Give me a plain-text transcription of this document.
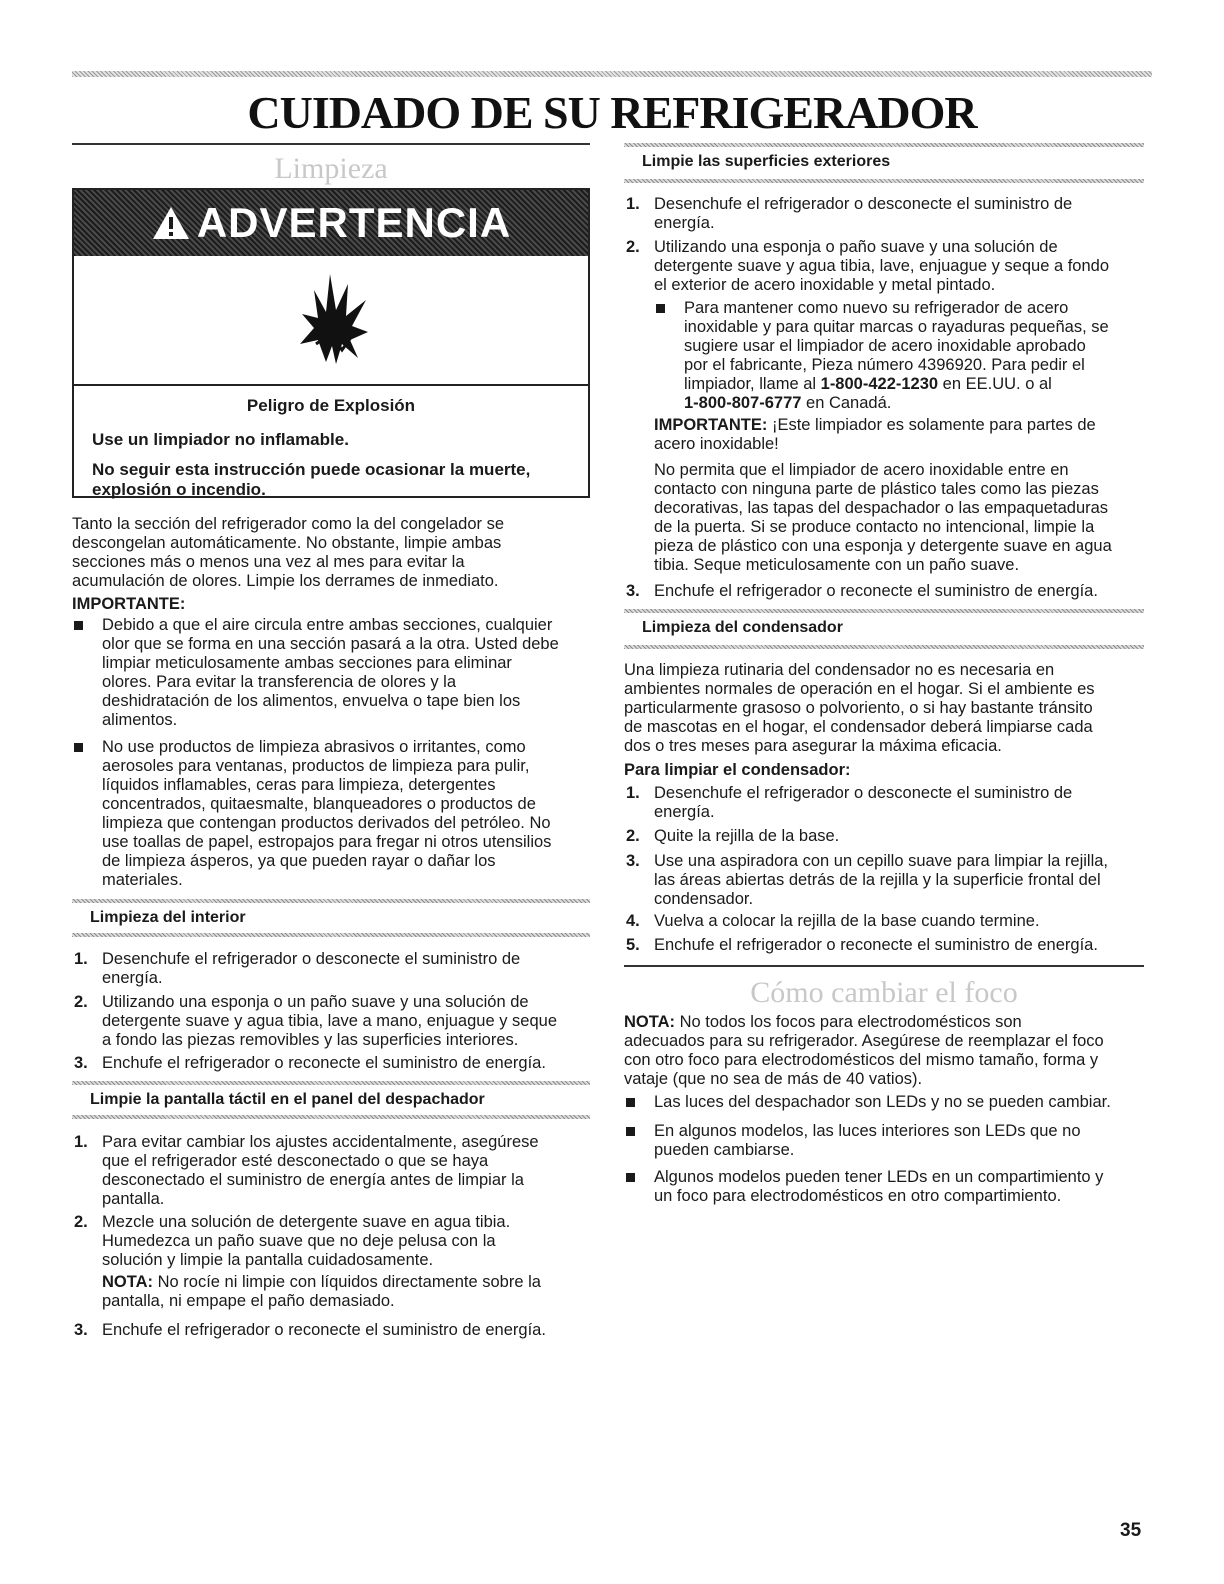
CUIDADO DE SU REFRIGERADOR
Limpieza
ADVERTENCIA
Peligro de Explosión
Use un limpiador no inflamable.
No seguir esta instrucción puede ocasionar la muerte,
explosión o incendio.
Tanto la sección del refrigerador como la del congelador se
descongelan automáticamente. No obstante, limpie ambas
secciones más o menos una vez al mes para evitar la
acumulación de olores. Limpie los derrames de inmediato.
IMPORTANTE:
Debido a que el aire circula entre ambas secciones, cualquier
olor que se forma en una sección pasará a la otra. Usted debe
limpiar meticulosamente ambas secciones para eliminar
olores. Para evitar la transferencia de olores y la
deshidratación de los alimentos, envuelva o tape bien los
alimentos.
No use productos de limpieza abrasivos o irritantes, como
aerosoles para ventanas, productos de limpieza para pulir,
líquidos inflamables, ceras para limpieza, detergentes
concentrados, quitaesmalte, blanqueadores o productos de
limpieza que contengan productos derivados del petróleo. No
use toallas de papel, estropajos para fregar ni otros utensilios
de limpieza ásperos, ya que pueden rayar o dañar los
materiales.
Limpieza del interior
1. Desenchufe el refrigerador o desconecte el suministro de
energía.
2. Utilizando una esponja o un paño suave y una solución de
detergente suave y agua tibia, lave a mano, enjuague y seque
a fondo las piezas removibles y las superficies interiores.
3. Enchufe el refrigerador o reconecte el suministro de energía.
Limpie la pantalla táctil en el panel del despachador
1. Para evitar cambiar los ajustes accidentalmente, asegúrese
que el refrigerador esté desconectado o que se haya
desconectado el suministro de energía antes de limpiar la
pantalla.
2. Mezcle una solución de detergente suave en agua tibia.
Humedezca un paño suave que no deje pelusa con la
solución y limpie la pantalla cuidadosamente.
NOTA: No rocíe ni limpie con líquidos directamente sobre la
pantalla, ni empape el paño demasiado.
3. Enchufe el refrigerador o reconecte el suministro de energía.
Limpie las superficies exteriores
1. Desenchufe el refrigerador o desconecte el suministro de
energía.
2. Utilizando una esponja o paño suave y una solución de
detergente suave y agua tibia, lave, enjuague y seque a fondo
el exterior de acero inoxidable y metal pintado.
Para mantener como nuevo su refrigerador de acero
inoxidable y para quitar marcas o rayaduras pequeñas, se
sugiere usar el limpiador de acero inoxidable aprobado
por el fabricante, Pieza número 4396920. Para pedir el
limpiador, llame al 1-800-422-1230 en EE.UU. o al
1-800-807-6777 en Canadá.
IMPORTANTE: ¡Este limpiador es solamente para partes de
acero inoxidable!
No permita que el limpiador de acero inoxidable entre en
contacto con ninguna parte de plástico tales como las piezas
decorativas, las tapas del despachador o las empaquetaduras
de la puerta. Si se produce contacto no intencional, limpie la
pieza de plástico con una esponja y detergente suave en agua
tibia. Seque meticulosamente con un paño suave.
3. Enchufe el refrigerador o reconecte el suministro de energía.
Limpieza del condensador
Una limpieza rutinaria del condensador no es necesaria en
ambientes normales de operación en el hogar. Si el ambiente es
particularmente grasoso o polvoriento, o si hay bastante tránsito
de mascotas en el hogar, el condensador deberá limpiarse cada
dos o tres meses para asegurar la máxima eficacia.
Para limpiar el condensador:
1. Desenchufe el refrigerador o desconecte el suministro de
energía.
2. Quite la rejilla de la base.
3. Use una aspiradora con un cepillo suave para limpiar la rejilla,
las áreas abiertas detrás de la rejilla y la superficie frontal del
condensador.
4. Vuelva a colocar la rejilla de la base cuando termine.
5. Enchufe el refrigerador o reconecte el suministro de energía.
Cómo cambiar el foco
NOTA: No todos los focos para electrodomésticos son
adecuados para su refrigerador. Asegúrese de reemplazar el foco
con otro foco para electrodomésticos del mismo tamaño, forma y
vataje (que no sea de más de 40 vatios).
Las luces del despachador son LEDs y no se pueden cambiar.
En algunos modelos, las luces interiores son LEDs que no
pueden cambiarse.
Algunos modelos pueden tener LEDs en un compartimiento y
un foco para electrodomésticos en otro compartimiento.
35
